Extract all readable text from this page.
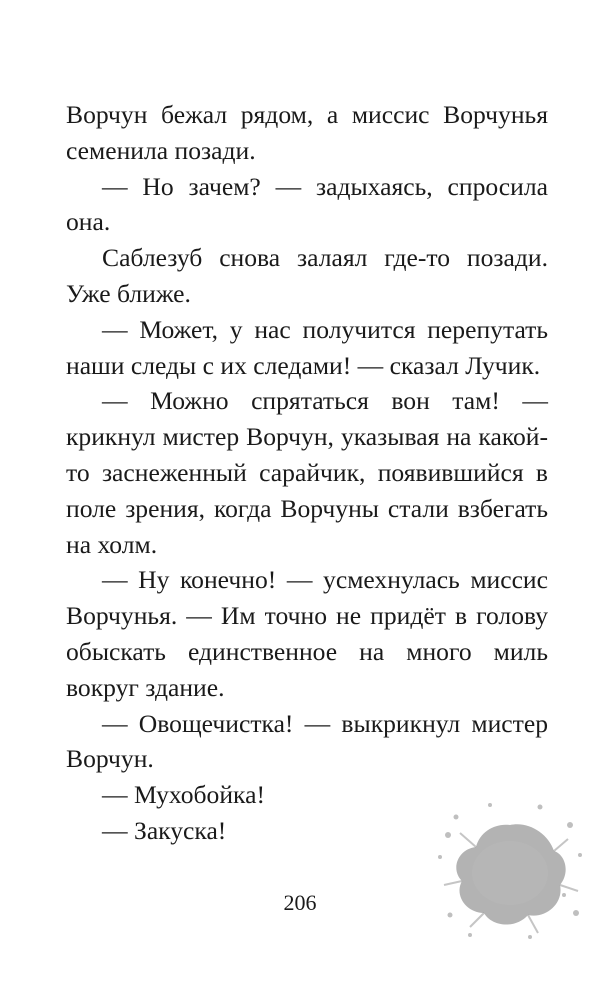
Ворчун бежал рядом, а миссис Ворчунья семенила позади.

— Но зачем? — задыхаясь, спросила она.

Саблезуб снова залаял где-то позади. Уже ближе.

— Может, у нас получится перепутать наши следы с их следами! — сказал Лучик.

— Можно спрятаться вон там! — крикнул мистер Ворчун, указывая на какой-то заснеженный сарайчик, появившийся в поле зрения, когда Ворчуны стали взбегать на холм.

— Ну конечно! — усмехнулась миссис Ворчунья. — Им точно не придёт в голову обыскать единственное на много миль вокруг здание.

— Овощечистка! — выкрикнул мистер Ворчун.

— Мухобойка!

— Закуска!

206
